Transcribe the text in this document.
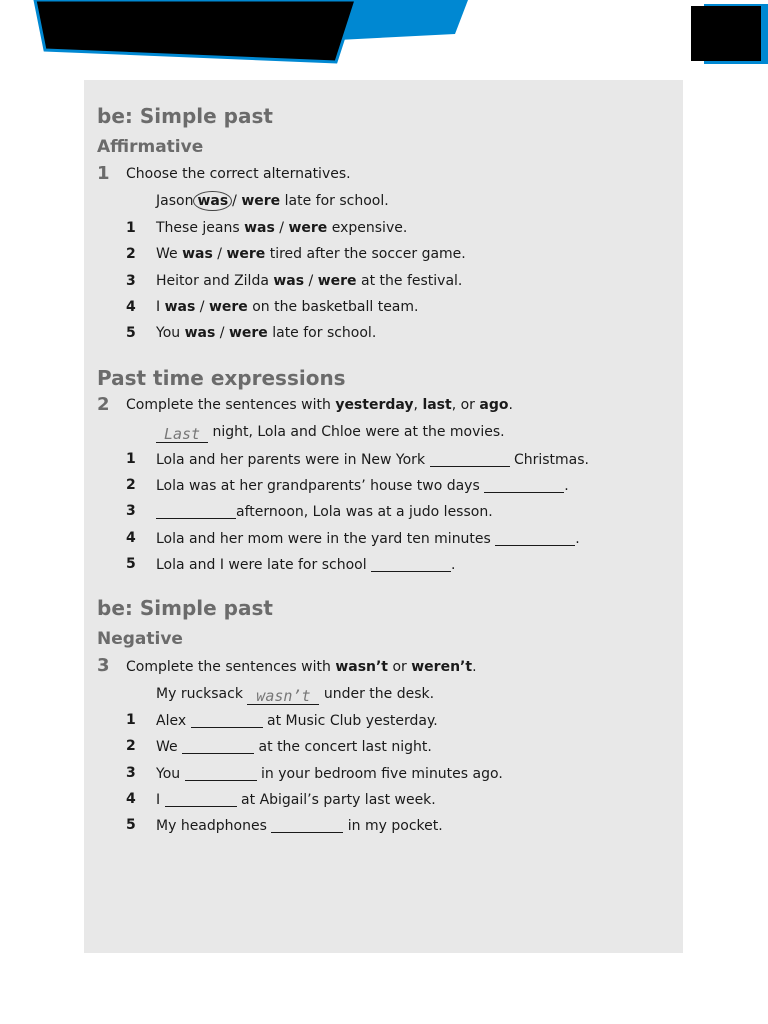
be: Simple past
Affirmative
1 Choose the correct alternatives.
Jason was / were late for school.
1 These jeans was / were expensive.
2 We was / were tired after the soccer game.
3 Heitor and Zilda was / were at the festival.
4 I was / were on the basketball team.
5 You was / were late for school.
Past time expressions
2 Complete the sentences with yesterday, last, or ago.
Last night, Lola and Chloe were at the movies.
1 Lola and her parents were in New York	Christmas.
2 Lola was at her grandparents’ house two days	.
3	afternoon, Lola was at a judo lesson.
4 Lola and her mom were in the yard ten minutes	.
5 Lola and I were late for school	.
be: Simple past
Negative
3 Complete the sentences with wasn’t or weren’t.
My rucksack wasn’t under the desk.
1 Alex	at Music Club yesterday.
2 We	at the concert last night.
3 You	in your bedroom five minutes ago.
4 I	at Abigail’s party last week.
5 My headphones	in my pocket.
